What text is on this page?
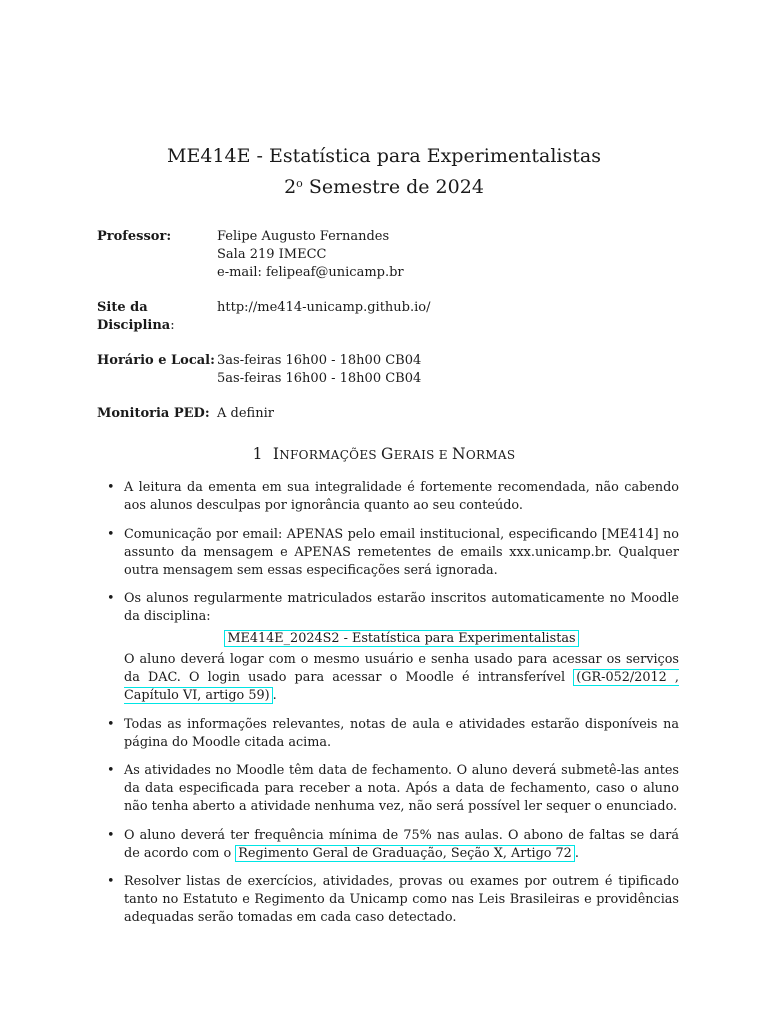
ME414E - Estatística para Experimentalistas
2$^o$ Semestre de 2024
Professor:	Felipe Augusto Fernandes
Sala 219 IMECC
e-mail: felipeaf@unicamp.br
Site da Disciplina:
http://me414-unicamp.github.io/
Horário e Local: 3as-feiras 16h00 - 18h00 CB04
5as-feiras 16h00 - 18h00 CB04
Monitoria PED: A definir
1 INFORMAÇÕES GERAIS E NORMAS
• A leitura da ementa em sua integralidade é fortemente recomendada, não cabendo aos alunos desculpas por ignorância quanto ao seu conteúdo.
• Comunicação por email: APENAS pelo email institucional, especificando [ME414] no assunto da mensagem e APENAS remetentes de emails xxx.unicamp.br. Qualquer outra mensagem sem essas especificações será ignorada.
• Os alunos regularmente matriculados estarão inscritos automaticamente no Moodle da disciplina:
ME414E_2024S2 - Estatística para Experimentalistas
O aluno deverá logar com o mesmo usuário e senha usado para acessar os serviços da DAC. O login usado para acessar o Moodle é intransferível (GR-052/2012 , Capítulo VI, artigo 59) .
• Todas as informações relevantes, notas de aula e atividades estarão disponíveis na página do Moodle citada acima.
• As atividades no Moodle têm data de fechamento. O aluno deverá submetê-las antes da data especificada para receber a nota. Após a data de fechamento, caso o aluno não tenha aberto a atividade nenhuma vez, não será possível ler sequer o enunciado.
• O aluno deverá ter frequência mínima de 75% nas aulas. O abono de faltas se dará de acordo com o Regimento Geral de Graduação, Seção X, Artigo 72 .
• Resolver listas de exercícios, atividades, provas ou exames por outrem é tipificado tanto no Estatuto e Regimento da Unicamp como nas Leis Brasileiras e providências adequadas serão tomadas em cada caso detectado.
